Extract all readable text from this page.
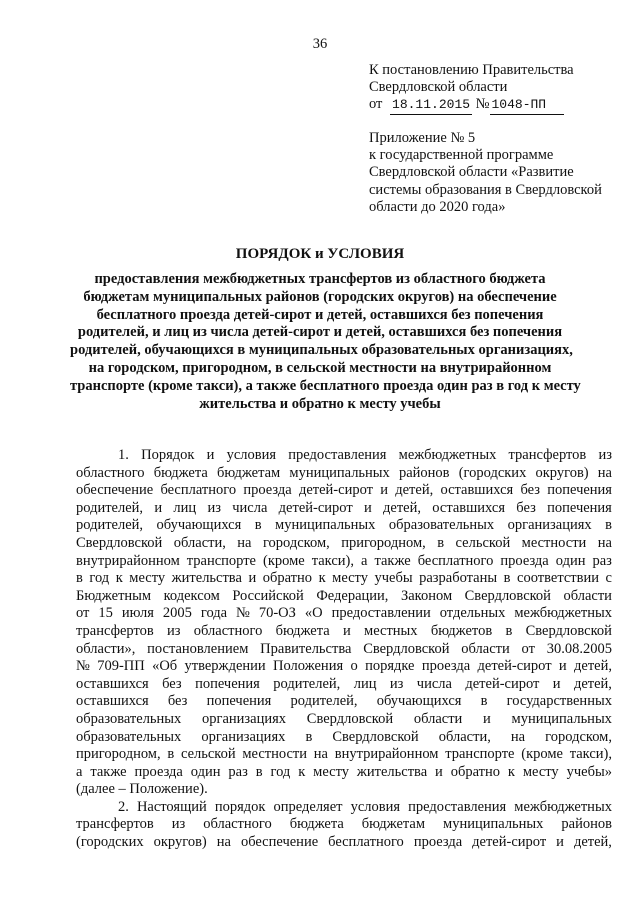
36
К постановлению Правительства
Свердловской области
от 18.11.2015 № 1048-ПП
Приложение № 5
к государственной программе
Свердловской области «Развитие
системы образования в Свердловской
области до 2020 года»
ПОРЯДОК и УСЛОВИЯ
предоставления межбюджетных трансфертов из областного бюджета
бюджетам муниципальных районов (городских округов) на обеспечение
бесплатного проезда детей-сирот и детей, оставшихся без попечения
родителей, и лиц из числа детей-сирот и детей, оставшихся без попечения
родителей, обучающихся в муниципальных образовательных организациях,
на городском, пригородном, в сельской местности на внутрирайонном
транспорте (кроме такси), а также бесплатного проезда один раз в год к месту
жительства и обратно к месту учебы
1. Порядок и условия предоставления межбюджетных трансфертов из
областного бюджета бюджетам муниципальных районов (городских округов) на
обеспечение бесплатного проезда детей-сирот и детей, оставшихся без попечения
родителей, и лиц из числа детей-сирот и детей, оставшихся без попечения
родителей, обучающихся в муниципальных образовательных организациях в
Свердловской области, на городском, пригородном, в сельской местности на
внутрирайонном транспорте (кроме такси), а также бесплатного проезда один раз
в год к месту жительства и обратно к месту учебы разработаны в соответствии с
Бюджетным кодексом Российской Федерации, Законом Свердловской области
от 15 июля 2005 года № 70-ОЗ «О предоставлении отдельных межбюджетных
трансфертов из областного бюджета и местных бюджетов в Свердловской
области», постановлением Правительства Свердловской области от 30.08.2005
№ 709-ПП «Об утверждении Положения о порядке проезда детей-сирот и детей,
оставшихся без попечения родителей, лиц из числа детей-сирот и детей,
оставшихся без попечения родителей, обучающихся в государственных
образовательных организациях Свердловской области и муниципальных
образовательных организациях в Свердловской области, на городском,
пригородном, в сельской местности на внутрирайонном транспорте (кроме такси),
а также проезда один раз в год к месту жительства и обратно к месту учебы»
(далее – Положение).
2. Настоящий порядок определяет условия предоставления межбюджетных
трансфертов из областного бюджета бюджетам муниципальных районов
(городских округов) на обеспечение бесплатного проезда детей-сирот и детей,
